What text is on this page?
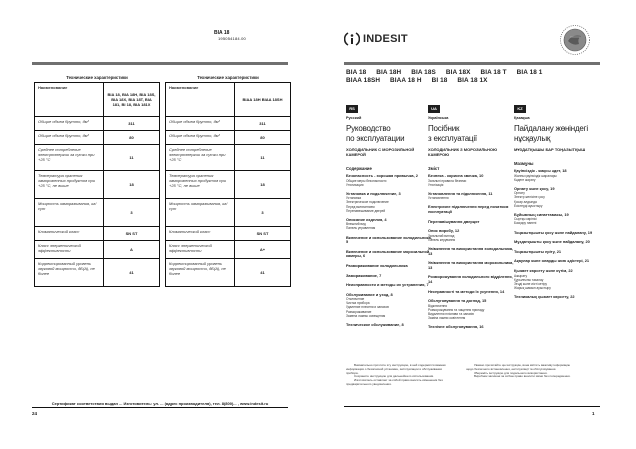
BIA 18
195054184.00
Технические характеристики
Наименование	BIA 18, BIA 18H, BIA 18S, BIA 18X, BIA 18T, BIA 181, BI 18, BIA 181X
Общие объем брутто, дм³	311
Общие объем брутто, дм³	80
Среднее потребление электроэнергии за сутки при +25 °С	11
Температура хранения замороженных продуктов при +25 °С, не выше	18
Мощность замораживания, кг/сут	3
Климатический класс	SN ST
Класс энергетической эффективности	A
Корректированный уровень звуковой мощности, дБ(А), не более	41
Технические характеристики
Наименование	BIAA 18H BIAA 18SH
Общие объем брутто, дм³	311
Общие объем брутто, дм³	80
Среднее потребление электроэнергии за сутки при +25 °С	11
Температура хранения замороженных продуктов при +25 °С, не выше	18
Мощность замораживания, кг/сут	3
Климатический класс	SN ST
Класс энергетической эффективности	A+
Корректированный уровень звуковой мощности, дБ(А), не более	41
Сертификат соответствия выдан ... Изготовитель: ул. ... (адрес производителя), тел. 8(800)... , www.indesit.ru
24
INDESIT
BIA 18 BIA 18H BIA 18S BIA 18X BIA 18 T BIA 18 1
BIAA 18SH BIAA 18 H BI 18 BIA 18 1X
RS
Русский
Руководство
по эксплуатации
ХОЛОДИЛЬНИК С МОРОЗИЛЬНОЙ КАМЕРОЙ
Содержание
Безопасность - хорошая привычка, 2
Общие меры безопасности
Утилизация
Установка и подключение, 3
Установка
Электрическое подключение
Перед включением
Перенавешивание дверей
Описание изделия, 4
Внешний вид
Панель управления
Включение и использование холодильника, 5
Включение и использование морозильной камеры, 6
Размораживание холодильника
Замораживание, 7
Неисправности и методы их устранения, 7
Обслуживание и уход, 8
Отключение
Чистка прибора
Удаление плесени и запахов
Размораживание
Замена лампы освещения
Техническое обслуживание, 8
UA
Українська
Посібник
з експлуатації
ХОЛОДИЛЬНИК З МОРОЗИЛЬНОЮ КАМЕРОЮ
Зміст
Безпека - корисна звичка, 10
Загальні правила безпеки
Утилізація
Установлення та підключення, 11
Установлення
Електричне підключення перед початком експлуатації
Перенавішування дверцят
Опис виробу, 12
Загальний вигляд
Панель керування
Увімкнення та використання холодильника, 13
Увімкнення та використання морозильника, 13
Розморожування холодильного відділення, 14
Несправності та методи їх усунення, 14
Обслуговування та догляд, 15
Відключення
Розморожування та чищення приладу
Видалення плісняви та запахів
Заміна лампи освітлення
Технічне обслуговування, 16
KZ
Қазақша
Пайдалану жөніндегі
нұсқаулық
МҰЗДАТҚЫШЫ БАР ТОҢАЗЫТҚЫШ
Мазмұны
Қауіпсіздік - жақсы әдет, 18
Жалпы қауіпсіздік шаралары
Кәдеге жарату
Орнату және қосу, 19
Орнату
Электр желісіне қосу
Қосар алдында
Есіктерді ауыстыру
Бұйымның сипаттамасы, 19
Сыртқы көрінісі
Басқару панелі
Тоңазытқышты қосу және пайдалану, 19
Мұздатқышты қосу және пайдалану, 20
Тоңазытқышты еріту, 21
Ақаулар және оларды жою әдістері, 21
Қызмет көрсету және күтім, 22
Ажырату
Құрылғыны тазалау
Зеңді және иісті кетіру
Жарық шамын ауыстыру
Техникалық қызмет көрсету, 22

Внимательно прочтите эту инструкцию, в ней содержится важная информация о безопасной установке, эксплуатации и обслуживании прибора.

Сохраните инструкцию для дальнейшего использования.

Изготовитель оставляет за собой право вносить изменения без предварительного уведомления.

Уважно прочитайте цю інструкцію, вона містить важливу інформацію щодо безпечного встановлення, експлуатації та обслуговування.

Збережіть інструкцію для подальшого використання.

Виробник залишає за собою право вносити зміни без попередження.

1
